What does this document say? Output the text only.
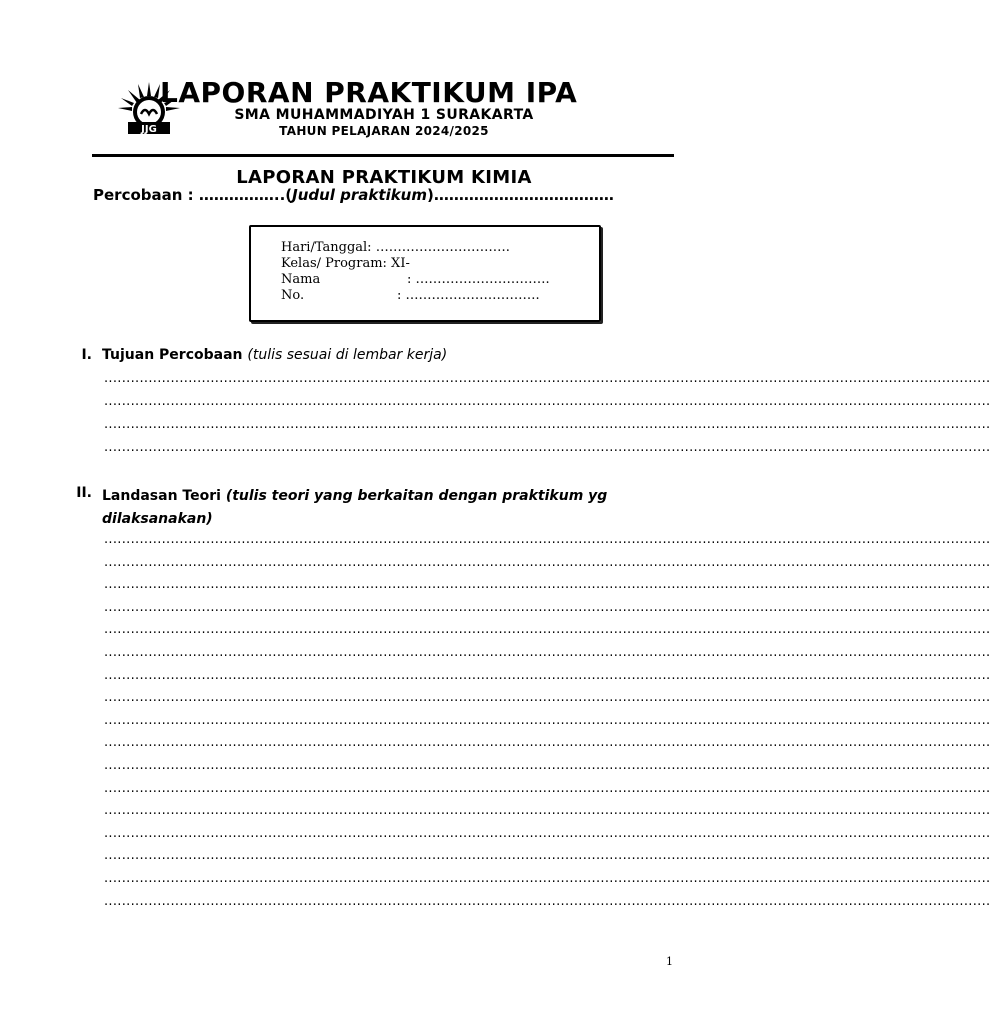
JJG
LAPORAN PRAKTIKUM IPA
SMA MUHAMMADIYAH 1 SURAKARTA
TAHUN PELAJARAN 2024/2025
LAPORAN PRAKTIKUM KIMIA
Percobaan : ……………..(Judul praktikum)………………………………
Hari/Tanggal: ………………………….
Kelas/ Program: XI-
Nama	: ………………………….
No.	: ………………………….
I. Tujuan Percobaan (tulis sesuai di lembar kerja)
........................................................................................................................................................................................................
........................................................................................................................................................................................................
........................................................................................................................................................................................................
........................................................................................................................................................................................................
II. Landasan Teori (tulis teori yang berkaitan dengan praktikum yg
dilaksanakan)
........................................................................................................................................................................................................
........................................................................................................................................................................................................
........................................................................................................................................................................................................
........................................................................................................................................................................................................
........................................................................................................................................................................................................
........................................................................................................................................................................................................
........................................................................................................................................................................................................
........................................................................................................................................................................................................
........................................................................................................................................................................................................
........................................................................................................................................................................................................
........................................................................................................................................................................................................
........................................................................................................................................................................................................
........................................................................................................................................................................................................
........................................................................................................................................................................................................
........................................................................................................................................................................................................
........................................................................................................................................................................................................
........................................................................................................................................................................................................
1
